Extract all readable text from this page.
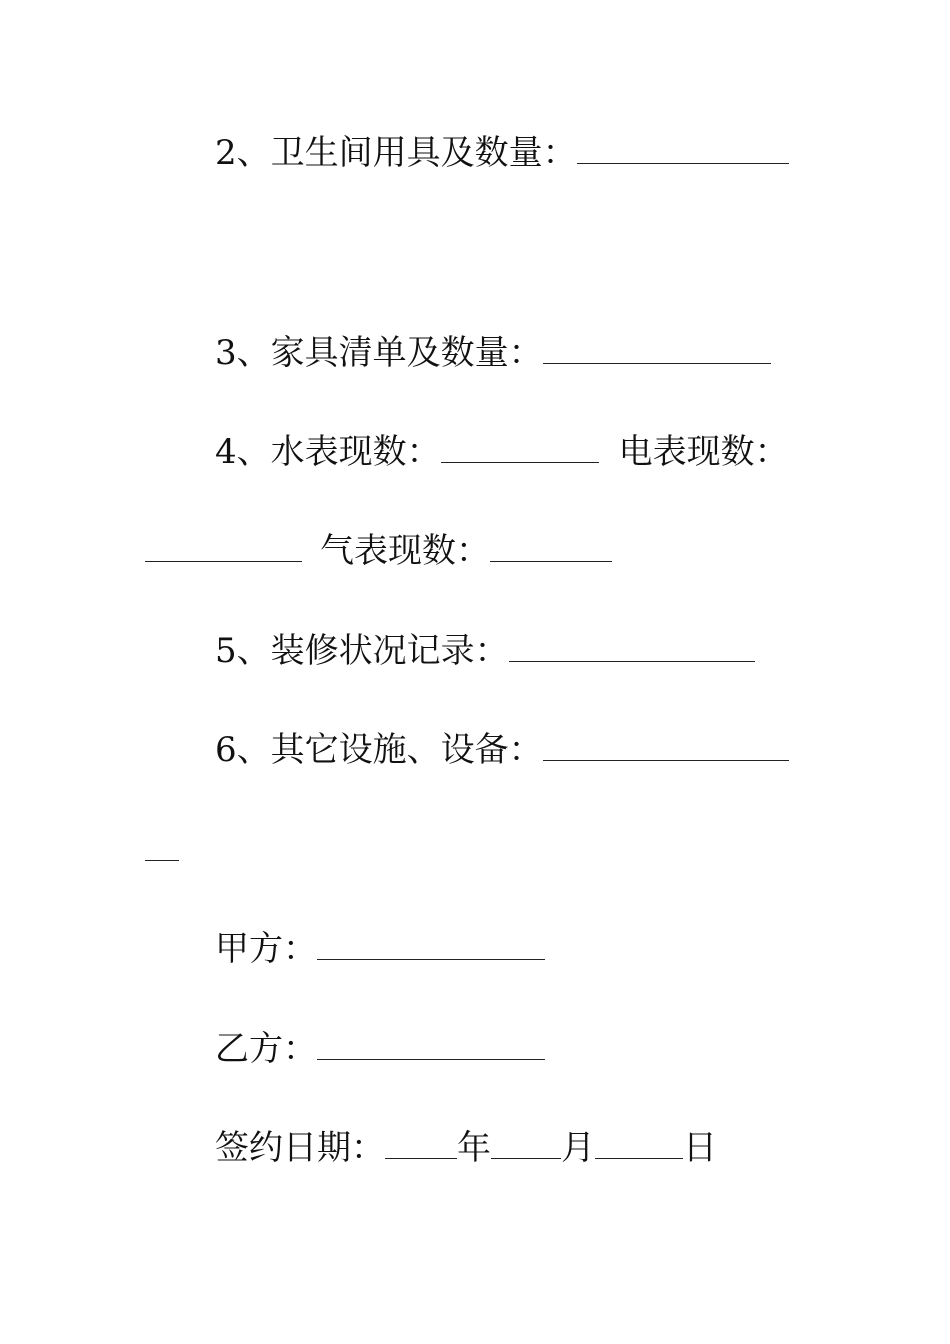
2、卫生间用具及数量：
3、家具清单及数量：
4、水表现数：	电表现数：
气表现数：
5、装修状况记录：
6、其它设施、设备：
甲方：
乙方：
签约日期： 年 月	日
